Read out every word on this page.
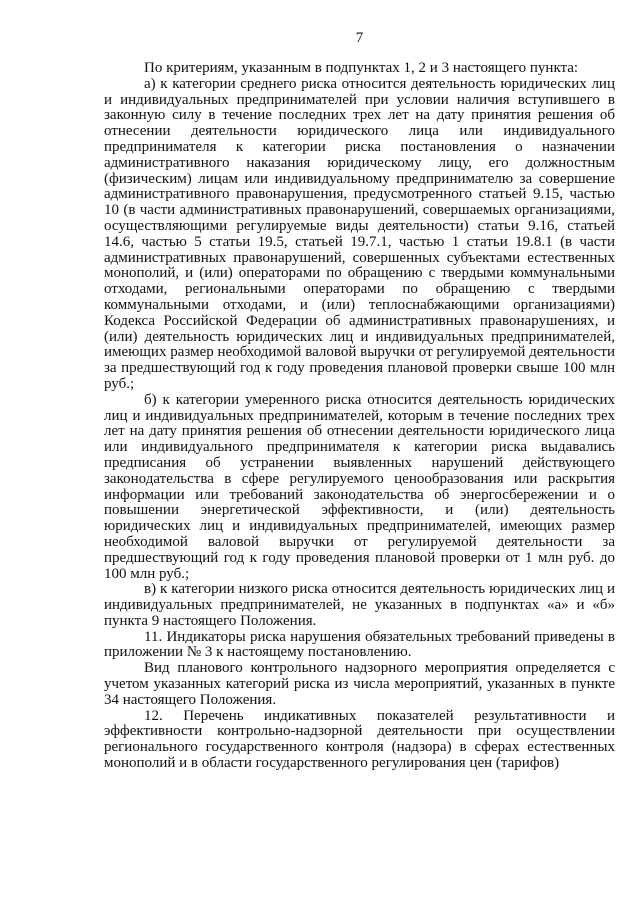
7

По критериям, указанным в подпунктах 1, 2 и 3 настоящего пункта:

а) к категории среднего риска относится деятельность юридических лиц и индивидуальных предпринимателей при условии наличия вступившего в законную силу в течение последних трех лет на дату принятия решения об отнесении деятельности юридического лица или индивидуального предпринимателя к категории риска постановления о назначении административного наказания юридическому лицу, его должностным (физическим) лицам или индивидуальному предпринимателю за совершение административного правонарушения, предусмотренного статьей 9.15, частью 10 (в части административных правонарушений, совершаемых организациями, осуществляющими регулируемые виды деятельности) статьи 9.16, статьей 14.6, частью 5 статьи 19.5, статьей 19.7.1, частью 1 статьи 19.8.1 (в части административных правонарушений, совершенных субъектами естественных монополий, и (или) операторами по обращению с твердыми коммунальными отходами, региональными операторами по обращению с твердыми коммунальными отходами, и (или) теплоснабжающими организациями) Кодекса Российской Федерации об административных правонарушениях, и (или) деятельность юридических лиц и индивидуальных предпринимателей, имеющих размер необходимой валовой выручки от регулируемой деятельности за предшествующий год к году проведения плановой проверки свыше 100 млн руб.;

б) к категории умеренного риска относится деятельность юридических лиц и индивидуальных предпринимателей, которым в течение последних трех лет на дату принятия решения об отнесении деятельности юридического лица или индивидуального предпринимателя к категории риска выдавались предписания об устранении выявленных нарушений действующего законодательства в сфере регулируемого ценообразования или раскрытия информации или требований законодательства об энергосбережении и о повышении энергетической эффективности, и (или) деятельность юридических лиц и индивидуальных предпринимателей, имеющих размер необходимой валовой выручки от регулируемой деятельности за предшествующий год к году проведения плановой проверки от 1 млн руб. до 100 млн руб.;

в) к категории низкого риска относится деятельность юридических лиц и индивидуальных предпринимателей, не указанных в подпунктах «а» и «б» пункта 9 настоящего Положения.

11. Индикаторы риска нарушения обязательных требований приведены в приложении № 3 к настоящему постановлению.

Вид планового контрольного надзорного мероприятия определяется с учетом указанных категорий риска из числа мероприятий, указанных в пункте 34 настоящего Положения.

12. Перечень индикативных показателей результативности и эффективности контрольно-надзорной деятельности при осуществлении регионального государственного контроля (надзора) в сферах естественных монополий и в области государственного регулирования цен (тарифов)
